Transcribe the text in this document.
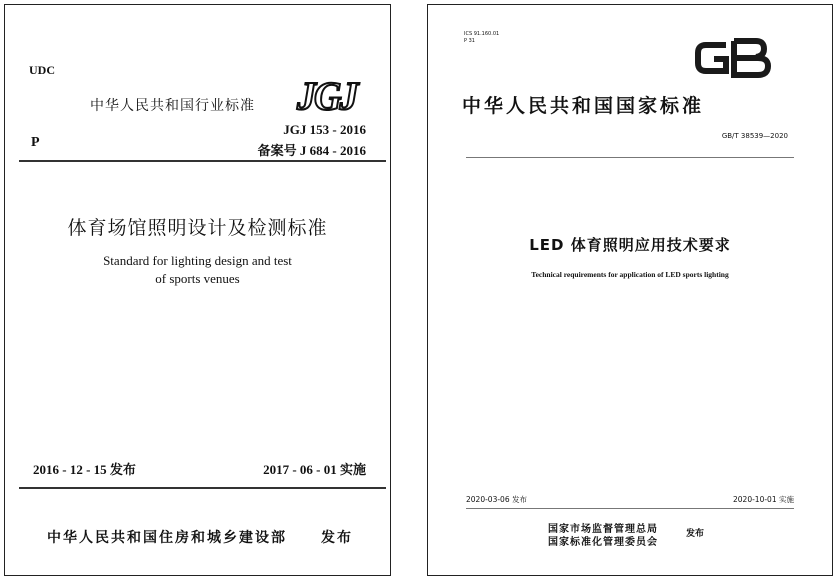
UDC
中华人民共和国行业标准 JGJ
P
JGJ 153 - 2016
备案号 J 684 - 2016
体育场馆照明设计及检测标准
Standard for lighting design and test
of sports venues
2016 - 12 - 15 发布	2017 - 06 - 01 实施
中华人民共和国住房和城乡建设部 发布
ICS 91.160.01
P 31
中华人民共和国国家标准
GB/T 38539—2020
LED 体育照明应用技术要求
Technical requirements for application of LED sports lighting
2020-03-06 发布	2020-10-01 实施
国家市场监督管理总局
国家标准化管理委员会
发布
